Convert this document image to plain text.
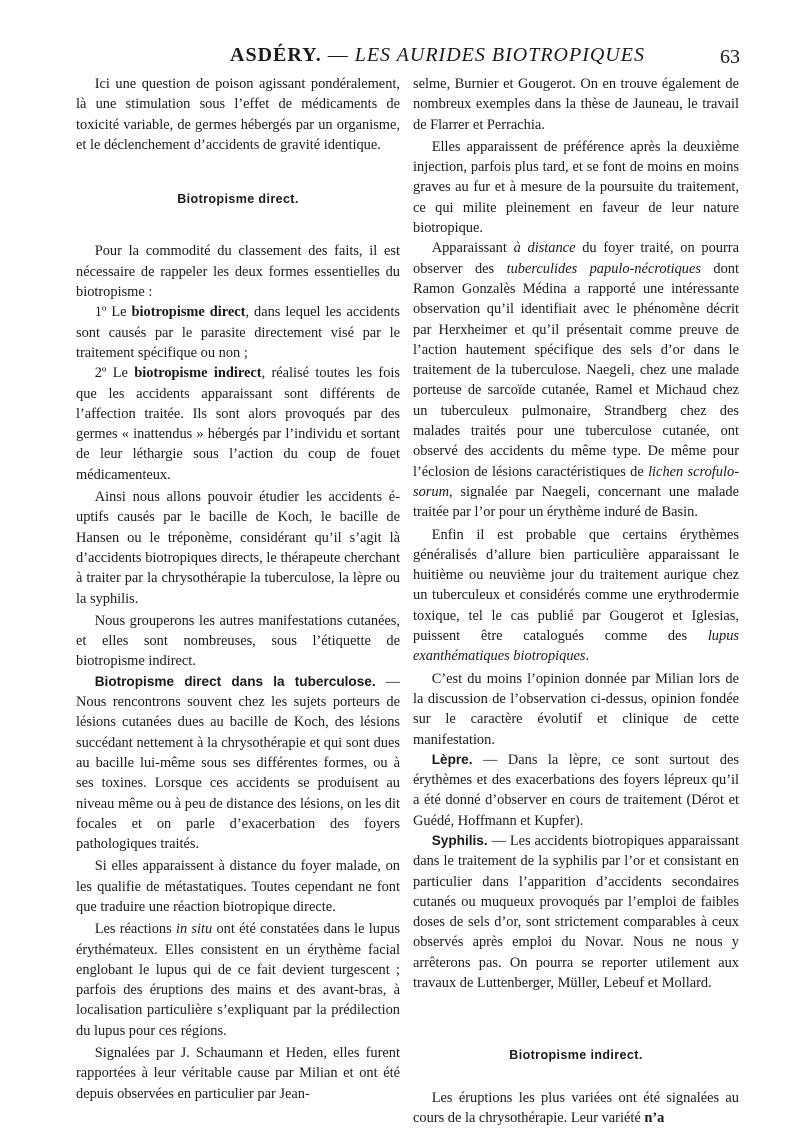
ASDÉRY. — LES AURIDES BIOTROPIQUES	63

Ici une question de poison agissant pondéralement, là une stimulation sous l’effet de médicaments de toxicité variable, de germes hébergés par un organisme, et le déclenchement d’accidents de gravité identique.

Biotropisme direct.

Pour la commodité du classement des faits, il est nécessaire de rappeler les deux formes essentielles du biotropisme :

1º Le biotropisme direct, dans lequel les accidents sont causés par le parasite directement visé par le traitement spécifique ou non ;

2º Le biotropisme indirect, réalisé toutes les fois que les accidents apparaissant sont différents de l’affection traitée. Ils sont alors provoqués par des germes « inattendus » hébergés par l’individu et sortant de leur léthargie sous l’action du coup de fouet médicamenteux.

Ainsi nous allons pouvoir étudier les accidents éuptifs causés par le bacille de Koch, le bacille de Hansen ou le tréponème, considérant qu’il s’agit là d’accidents biotropiques directs, le thérapeute cherchant à traiter par la chrysothérapie la tuberculose, la lèpre ou la syphilis.

Nous grouperons les autres manifestations cutanées, et elles sont nombreuses, sous l’étiquette de biotropisme indirect.

Biotropisme direct dans la tuberculose. — Nous rencontrons souvent chez les sujets porteurs de lésions cutanées dues au bacille de Koch, des lésions succédant nettement à la chrysothérapie et qui sont dues au bacille lui-même sous ses différentes formes, ou à ses toxines. Lorsque ces accidents se produisent au niveau même ou à peu de distance des lésions, on les dit focales et on parle d’exacerbation des foyers pathologiques traités.

Si elles apparaissent à distance du foyer malade, on les qualifie de métastatiques. Toutes cependant ne font que traduire une réaction biotropique directe.

Les réactions in situ ont été constatées dans le lupus érythémateux. Elles consistent en un érythème facial englobant le lupus qui de ce fait devient turgescent ; parfois des éruptions des mains et des avant-bras, à localisation particulière s’expliquant par la prédilection du lupus pour ces régions.

Signalées par J. Schaumann et Heden, elles furent rapportées à leur véritable cause par Milian et ont été depuis observées en particulier par Jean-

selme, Burnier et Gougerot. On en trouve également de nombreux exemples dans la thèse de Jauneau, le travail de Flarrer et Perrachia.

Elles apparaissent de préférence après la deuxième injection, parfois plus tard, et se font de moins en moins graves au fur et à mesure de la poursuite du traitement, ce qui milite pleinement en faveur de leur nature biotropique.

Apparaissant à distance du foyer traité, on pourra observer des tuberculides papulo-nécrotiques dont Ramon Gonzalès Médina a rapporté une intéressante observation qu’il identifiait avec le phénomène décrit par Herxheimer et qu’il présentait comme preuve de l’action hautement spécifique des sels d’or dans le traitement de la tuberculose. Naegeli, chez une malade porteuse de sarcoïde cutanée, Ramel et Michaud chez un tuberculeux pulmonaire, Strandberg chez des malades traités pour une tuberculose cutanée, ont observé des accidents du même type. De même pour l’éclosion de lésions caractéristiques de lichen scrofulosorum, signalée par Naegeli, concernant une malade traitée par l’or pour un érythème induré de Basin.

Enfin il est probable que certains érythèmes généralisés d’allure bien particulière apparaissant le huitième ou neuvième jour du traitement aurique chez un tuberculeux et considérés comme une erythrodermie toxique, tel le cas publié par Gougerot et Iglesias, puissent être catalogués comme des lupus exanthématiques biotropiques.

C’est du moins l’opinion donnée par Milian lors de la discussion de l’observation ci-dessus, opinion fondée sur le caractère évolutif et clinique de cette manifestation.

Lèpre. — Dans la lèpre, ce sont surtout des érythèmes et des exacerbations des foyers lépreux qu’il a été donné d’observer en cours de traitement (Dérot et Guédé, Hoffmann et Kupfer).

Syphilis. — Les accidents biotropiques apparaissant dans le traitement de la syphilis par l’or et consistant en particulier dans l’apparition d’accidents secondaires cutanés ou muqueux provoqués par l’emploi de faibles doses de sels d’or, sont strictement comparables à ceux observés après emploi du Novar. Nous ne nous y arrêterons pas. On pourra se reporter utilement aux travaux de Luttenberger, Müller, Lebeuf et Mollard.

Biotropisme indirect.

Les éruptions les plus variées ont été signalées au cours de la chrysothérapie. Leur variété n’a
